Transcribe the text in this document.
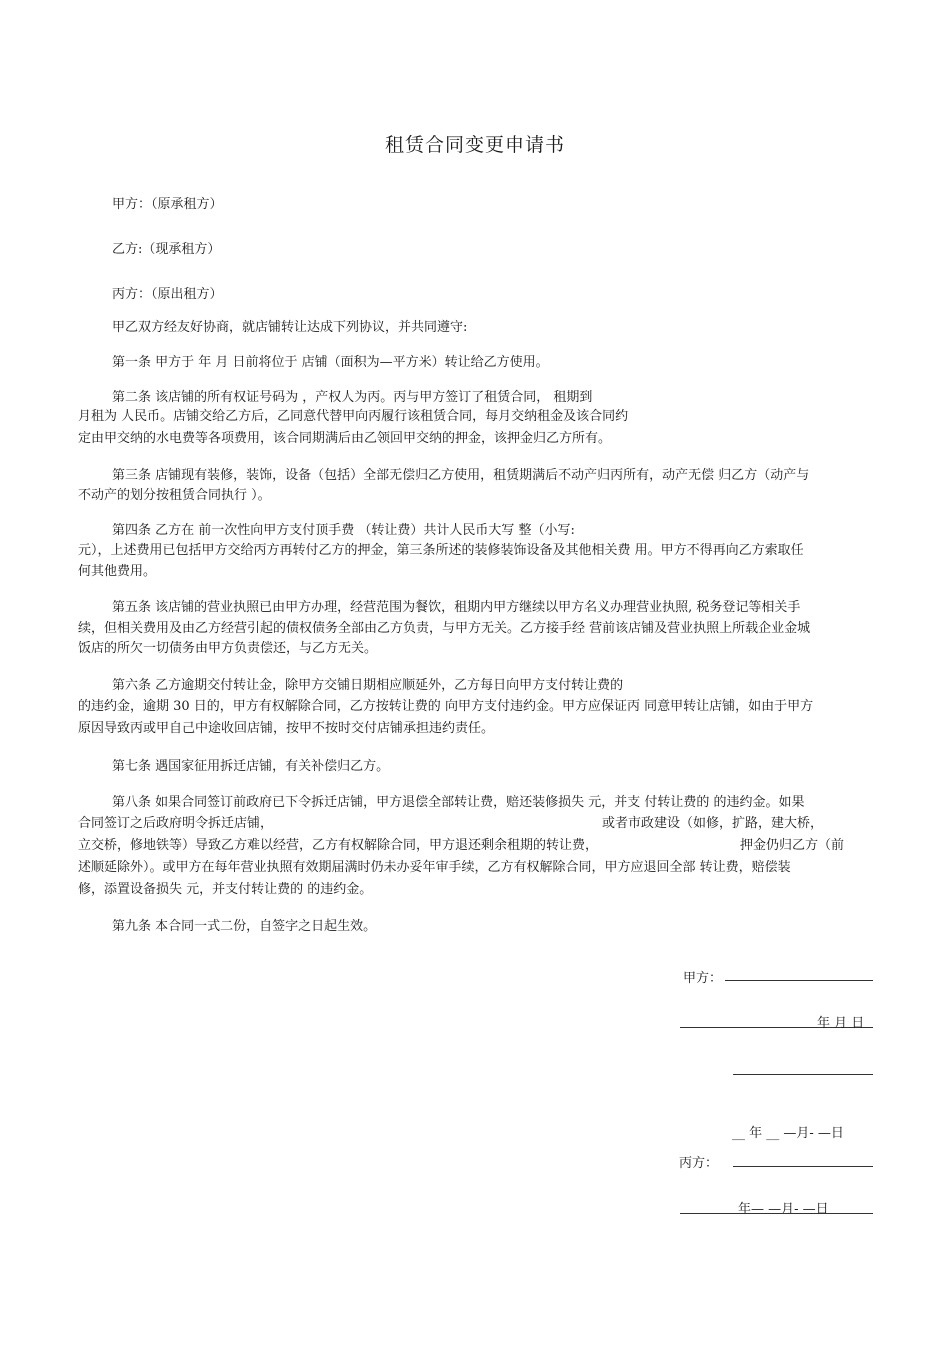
租赁合同变更申请书
甲方：（原承租方）
乙方:（现承租方）
丙方：（原出租方）
甲乙双方经友好协商，就店铺转让达成下列协议，并共同遵守:
第一条 甲方于 年 月 日前将位于 店铺（面积为—平方米）转让给乙方使用。
第二条 该店铺的所有权证号码为 ，产权人为丙。丙与甲方签订了租赁合同， 租期到
月租为 人民币。店铺交给乙方后，乙同意代替甲向丙履行该租赁合同，每月交纳租金及该合同约
定由甲交纳的水电费等各项费用，该合同期满后由乙领回甲交纳的押金，该押金归乙方所有。
第三条 店铺现有装修，装饰，设备（包括）全部无偿归乙方使用，租赁期满后不动产归丙所有，动产无偿 归乙方（动产与
不动产的划分按租赁合同执行 ）。
第四条 乙方在 前一次性向甲方支付顶手费 （转让费）共计人民币大写 整（小写:
元），上述费用已包括甲方交给丙方再转付乙方的押金，第三条所述的装修装饰设备及其他相关费 用。甲方不得再向乙方索取任
何其他费用。
第五条 该店铺的营业执照已由甲方办理，经营范围为餐饮，租期内甲方继续以甲方名义办理营业执照, 税务登记等相关手
续，但相关费用及由乙方经营引起的债权债务全部由乙方负责，与甲方无关。乙方接手经 营前该店铺及营业执照上所载企业金城
饭店的所欠一切债务由甲方负责偿还，与乙方无关。
第六条 乙方逾期交付转让金，除甲方交铺日期相应顺延外，乙方每日向甲方支付转让费的
的违约金，逾期 30 日的，甲方有权解除合同，乙方按转让费的 向甲方支付违约金。甲方应保证丙 同意甲转让店铺，如由于甲方
原因导致丙或甲自己中途收回店铺，按甲不按时交付店铺承担违约责任。
第七条 遇国家征用拆迁店铺，有关补偿归乙方。
第八条 如果合同签订前政府已下令拆迁店铺，甲方退偿全部转让费，赔还装修损失 元，并支 付转让费的 的违约金。如果
合同签订之后政府明令拆迁店铺，	或者市政建设（如修，扩路，建大桥，
立交桥，修地铁等）导致乙方难以经营，乙方有权解除合同，甲方退还剩余租期的转让费，	押金仍归乙方（前
述顺延除外）。或甲方在每年营业执照有效期届满时仍未办妥年审手续，乙方有权解除合同，甲方应退回全部 转让费，赔偿装
修，添置设备损失 元，并支付转让费的 的违约金。
第九条 本合同一式二份，自签字之日起生效。
甲方：
年 月 日
__ 年 __ —月- —日
丙方：
年— —月- —日
